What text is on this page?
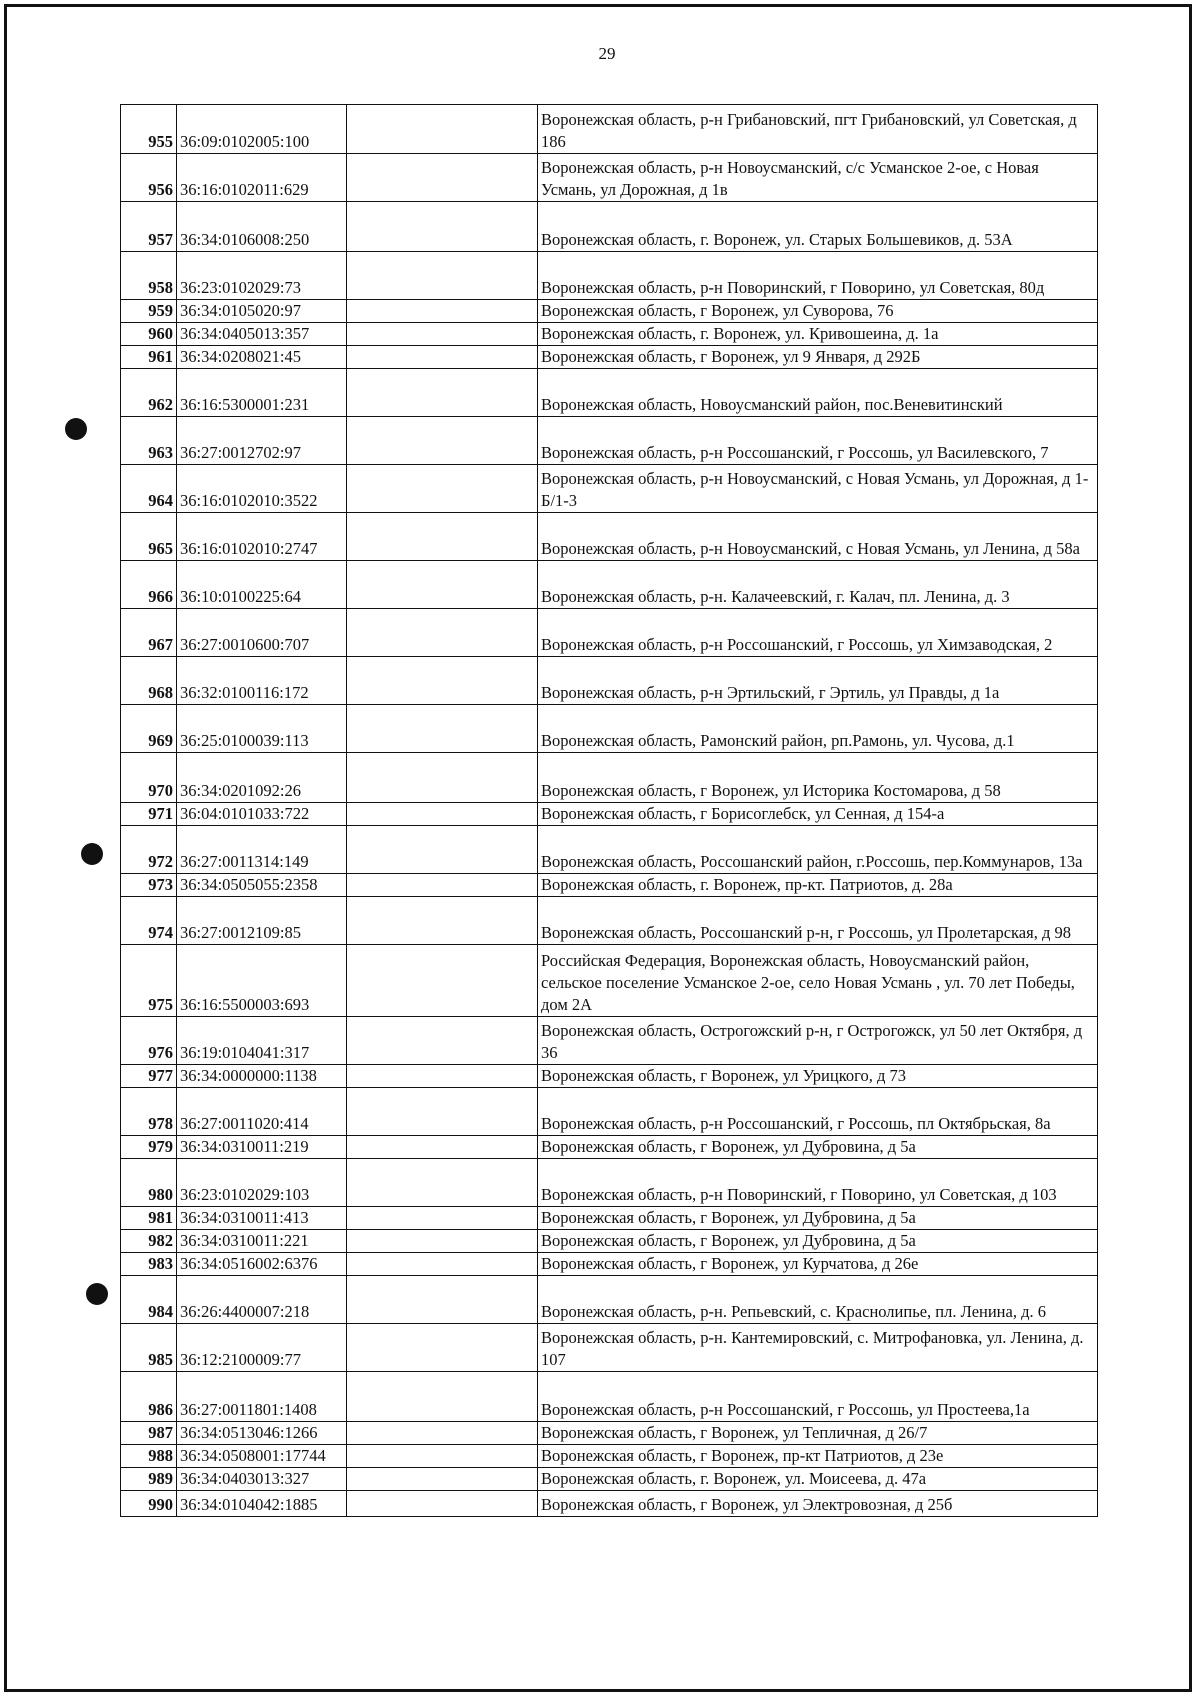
29
955	36:09:0102005:100		Воронежская область, р-н Грибановский, пгт Грибановский, ул Советская, д 186
956	36:16:0102011:629		Воронежская область, р-н Новоусманский, с/с Усманское 2-ое, с Новая Усмань, ул Дорожная, д 1в
957	36:34:0106008:250		Воронежская область, г. Воронеж, ул. Старых Большевиков, д. 53А
958	36:23:0102029:73		Воронежская область, р-н Поворинский, г Поворино, ул Советская, 80д
959	36:34:0105020:97		Воронежская область, г Воронеж, ул Суворова, 76
960	36:34:0405013:357		Воронежская область, г. Воронеж, ул. Кривошеина, д. 1а
961	36:34:0208021:45		Воронежская область, г Воронеж, ул 9 Января, д 292Б
962	36:16:5300001:231		Воронежская область, Новоусманский район, пос.Веневитинский
963	36:27:0012702:97		Воронежская область, р-н Россошанский, г Россошь, ул Василевского, 7
964	36:16:0102010:3522		Воронежская область, р-н Новоусманский, с Новая Усмань, ул Дорожная, д 1-Б/1-3
965	36:16:0102010:2747		Воронежская область, р-н Новоусманский, с Новая Усмань, ул Ленина, д 58а
966	36:10:0100225:64		Воронежская область, р-н. Калачеевский, г. Калач, пл. Ленина, д. 3
967	36:27:0010600:707		Воронежская область, р-н Россошанский, г Россошь, ул Химзаводская, 2
968	36:32:0100116:172		Воронежская область, р-н Эртильский, г Эртиль, ул Правды, д 1а
969	36:25:0100039:113		Воронежская область, Рамонский район, рп.Рамонь, ул. Чусова, д.1
970	36:34:0201092:26		Воронежская область, г Воронеж, ул Историка Костомарова, д 58
971	36:04:0101033:722		Воронежская область, г Борисоглебск, ул Сенная, д 154-а
972	36:27:0011314:149		Воронежская область, Россошанский район, г.Россошь, пер.Коммунаров, 13а
973	36:34:0505055:2358		Воронежская область, г. Воронеж, пр-кт. Патриотов, д. 28а
974	36:27:0012109:85		Воронежская область, Россошанский р-н, г Россошь, ул Пролетарская, д 98
975	36:16:5500003:693		Российская Федерация, Воронежская область, Новоусманский район, сельское поселение Усманское 2-ое, село Новая Усмань , ул. 70 лет Победы, дом 2А
976	36:19:0104041:317		Воронежская область, Острогожский р-н, г Острогожск, ул 50 лет Октября, д 36
977	36:34:0000000:1138		Воронежская область, г Воронеж, ул Урицкого, д 73
978	36:27:0011020:414		Воронежская область, р-н Россошанский, г Россошь, пл Октябрьская, 8а
979	36:34:0310011:219		Воронежская область, г Воронеж, ул Дубровина, д 5а
980	36:23:0102029:103		Воронежская область, р-н Поворинский, г Поворино, ул Советская, д 103
981	36:34:0310011:413		Воронежская область, г Воронеж, ул Дубровина, д 5а
982	36:34:0310011:221		Воронежская область, г Воронеж, ул Дубровина, д 5а
983	36:34:0516002:6376		Воронежская область, г Воронеж, ул Курчатова, д 26е
984	36:26:4400007:218		Воронежская область, р-н. Репьевский, с. Краснолипье, пл. Ленина, д. 6
985	36:12:2100009:77		Воронежская область, р-н. Кантемировский, с. Митрофановка, ул. Ленина, д. 107
986	36:27:0011801:1408		Воронежская область, р-н Россошанский, г Россошь, ул Простеева,1а
987	36:34:0513046:1266		Воронежская область, г Воронеж, ул Тепличная, д 26/7
988	36:34:0508001:17744		Воронежская область, г Воронеж, пр-кт Патриотов, д 23е
989	36:34:0403013:327		Воронежская область, г. Воронеж, ул. Моисеева, д. 47а
990	36:34:0104042:1885		Воронежская область, г Воронеж, ул Электровозная, д 25б
